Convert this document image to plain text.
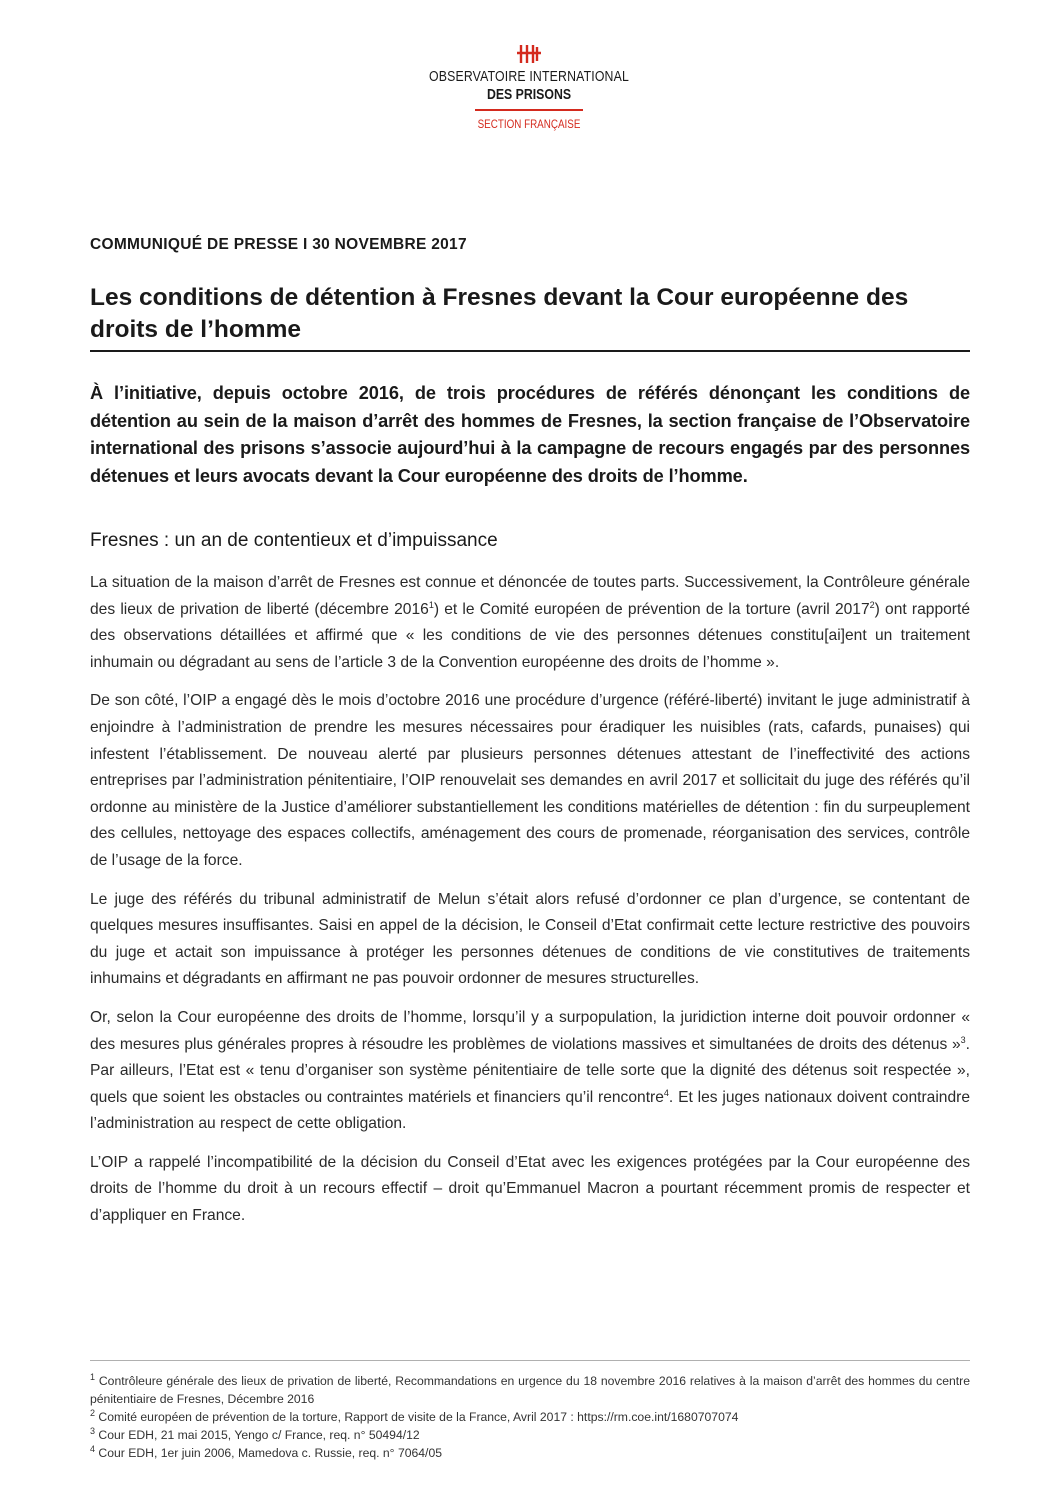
OBSERVATOIRE INTERNATIONAL
DES PRISONS
SECTION FRANÇAISE
COMMUNIQUÉ DE PRESSE I 30 NOVEMBRE 2017
Les conditions de détention à Fresnes devant la Cour européenne des droits de l’homme
À l’initiative, depuis octobre 2016, de trois procédures de référés dénonçant les conditions de détention au sein de la maison d’arrêt des hommes de Fresnes, la section française de l’Observatoire international des prisons s’associe aujourd’hui à la campagne de recours engagés par des personnes détenues et leurs avocats devant la Cour européenne des droits de l’homme.
Fresnes : un an de contentieux et d’impuissance

La situation de la maison d’arrêt de Fresnes est connue et dénoncée de toutes parts. Successivement, la Contrôleure générale des lieux de privation de liberté (décembre 2016$^1$) et le Comité européen de prévention de la torture (avril 2017$^2$) ont rapporté des observations détaillées et affirmé que « les conditions de vie des personnes détenues constitu[ai]ent un traitement inhumain ou dégradant au sens de l’article 3 de la Convention européenne des droits de l’homme ».

De son côté, l’OIP a engagé dès le mois d’octobre 2016 une procédure d’urgence (référé-liberté) invitant le juge administratif à enjoindre à l’administration de prendre les mesures nécessaires pour éradiquer les nuisibles (rats, cafards, punaises) qui infestent l’établissement. De nouveau alerté par plusieurs personnes détenues attestant de l’ineffectivité des actions entreprises par l’administration pénitentiaire, l’OIP renouvelait ses demandes en avril 2017 et sollicitait du juge des référés qu’il ordonne au ministère de la Justice d’améliorer substantiellement les conditions matérielles de détention : fin du surpeuplement des cellules, nettoyage des espaces collectifs, aménagement des cours de promenade, réorganisation des services, contrôle de l’usage de la force.

Le juge des référés du tribunal administratif de Melun s’était alors refusé d’ordonner ce plan d’urgence, se contentant de quelques mesures insuffisantes. Saisi en appel de la décision, le Conseil d’Etat confirmait cette lecture restrictive des pouvoirs du juge et actait son impuissance à protéger les personnes détenues de conditions de vie constitutives de traitements inhumains et dégradants en affirmant ne pas pouvoir ordonner de mesures structurelles.

Or, selon la Cour européenne des droits de l’homme, lorsqu’il y a surpopulation, la juridiction interne doit pouvoir ordonner « des mesures plus générales propres à résoudre les problèmes de violations massives et simultanées de droits des détenus »$^3$. Par ailleurs, l’Etat est « tenu d’organiser son système pénitentiaire de telle sorte que la dignité des détenus soit respectée », quels que soient les obstacles ou contraintes matériels et financiers qu’il rencontre$^4$. Et les juges nationaux doivent contraindre l’administration au respect de cette obligation.

L’OIP a rappelé l’incompatibilité de la décision du Conseil d’Etat avec les exigences protégées par la Cour européenne des droits de l’homme du droit à un recours effectif – droit qu’Emmanuel Macron a pourtant récemment promis de respecter et d’appliquer en France.

$^1$ Contrôleure générale des lieux de privation de liberté, Recommandations en urgence du 18 novembre 2016 relatives à la maison d’arrêt des hommes du centre pénitentiaire de Fresnes, Décembre 2016
$^2$ Comité européen de prévention de la torture, Rapport de visite de la France, Avril 2017 : https://rm.coe.int/1680707074
$^3$ Cour EDH, 21 mai 2015, Yengo c/ France, req. n° 50494/12
$^4$ Cour EDH, 1er juin 2006, Mamedova c. Russie, req. n° 7064/05
